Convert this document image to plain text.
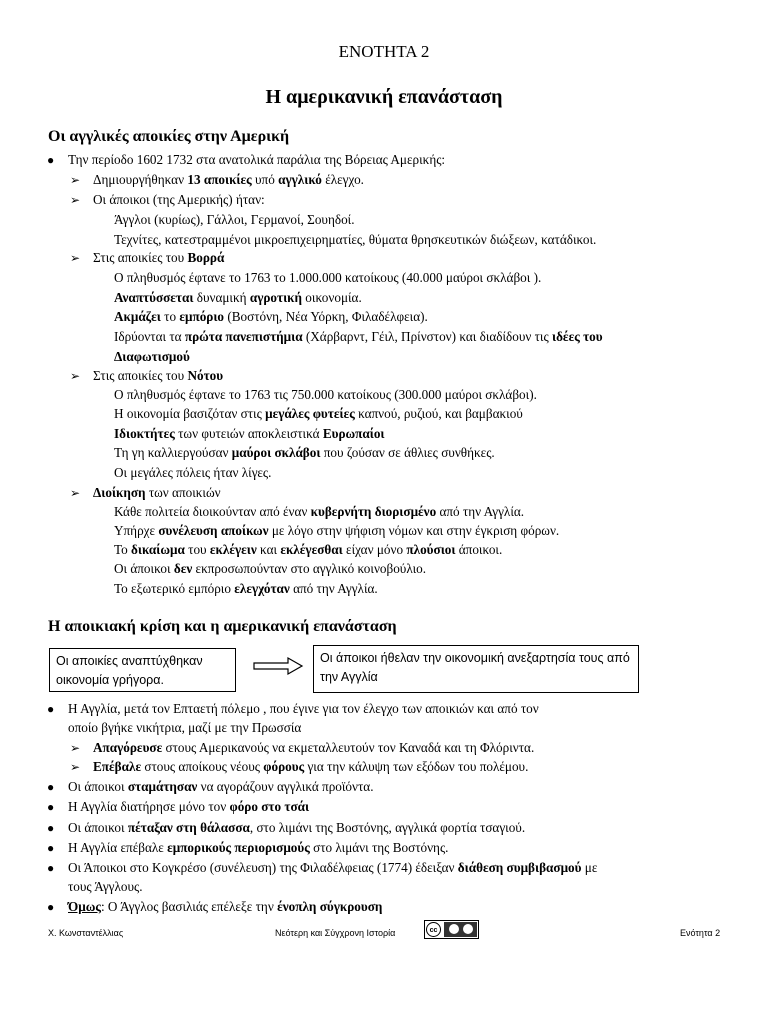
ΕΝΟΤΗΤΑ 2
Η αμερικανική επανάσταση
Οι αγγλικές αποικίες στην Αμερική
● Την περίοδο 1602 1732 στα ανατολικά παράλια της Βόρειας Αμερικής:
➢ Δημιουργήθηκαν 13 αποικίες υπό αγγλικό έλεγχο.
➢ Οι άποικοι (της Αμερικής) ήταν:
Άγγλοι (κυρίως), Γάλλοι, Γερμανοί, Σουηδοί.
Τεχνίτες, κατεστραμμένοι μικροεπιχειρηματίες, θύματα θρησκευτικών διώξεων, κατάδικοι.
➢ Στις αποικίες του Βορρά
Ο πληθυσμός έφτανε το 1763 το 1.000.000 κατοίκους (40.000 μαύροι σκλάβοι ).
Αναπτύσσεται δυναμική αγροτική οικονομία.
Ακμάζει το εμπόριο (Βοστόνη, Νέα Υόρκη, Φιλαδέλφεια).
Ιδρύονται τα πρώτα πανεπιστήμια (Χάρβαρντ, Γέιλ, Πρίνστον) και διαδίδουν τις ιδέες του
Διαφωτισμού
➢ Στις αποικίες του Νότου
Ο πληθυσμός έφτανε το 1763 τις 750.000 κατοίκους (300.000 μαύροι σκλάβοι).
Η οικονομία βασιζόταν στις μεγάλες φυτείες καπνού, ρυζιού, και βαμβακιού
Ιδιοκτήτες των φυτειών αποκλειστικά Ευρωπαίοι
Τη γη καλλιεργούσαν μαύροι σκλάβοι που ζούσαν σε άθλιες συνθήκες.
Οι μεγάλες πόλεις ήταν λίγες.
➢ Διοίκηση των αποικιών
Κάθε πολιτεία διοικούνταν από έναν κυβερνήτη διορισμένο από την Αγγλία.
Υπήρχε συνέλευση αποίκων με λόγο στην ψήφιση νόμων και στην έγκριση φόρων.
Το δικαίωμα του εκλέγειν και εκλέγεσθαι είχαν μόνο πλούσιοι άποικοι.
Οι άποικοι δεν εκπροσωπούνταν στο αγγλικό κοινοβούλιο.
Το εξωτερικό εμπόριο ελεγχόταν από την Αγγλία.
Η αποικιακή κρίση και η αμερικανική επανάσταση
Οι αποικίες αναπτύχθηκαν οικονομία γρήγορα.
Οι άποικοι ήθελαν την οικονομική ανεξαρτησία τους από την Αγγλία
● Η Αγγλία, μετά τον Επταετή πόλεμο , που έγινε για τον έλεγχο των αποικιών και από τον
οποίο βγήκε νικήτρια, μαζί με την Πρωσσία
➢ Απαγόρευσε στους Αμερικανούς να εκμεταλλευτούν τον Καναδά και τη Φλόριντα.
➢ Επέβαλε στους αποίκους νέους φόρους για την κάλυψη των εξόδων του πολέμου.
● Οι άποικοι σταμάτησαν να αγοράζουν αγγλικά προϊόντα.
● Η Αγγλία διατήρησε μόνο τον φόρο στο τσάι
● Οι άποικοι πέταξαν στη θάλασσα, στο λιμάνι της Βοστόνης, αγγλικά φορτία τσαγιού.
● Η Αγγλία επέβαλε εμπορικούς περιορισμούς στο λιμάνι της Βοστόνης.
● Οι Άποικοι στο Κογκρέσο (συνέλευση) της Φιλαδέλφειας (1774) έδειξαν διάθεση συμβιβασμού με
τους Άγγλους.
● Όμως: Ο Άγγλος βασιλιάς επέλεξε την ένοπλη σύγκρουση
Χ. Κωνσταντέλλιας	Νεότερη και Σύγχρονη Ιστορία	cc	Ενότητα 2
